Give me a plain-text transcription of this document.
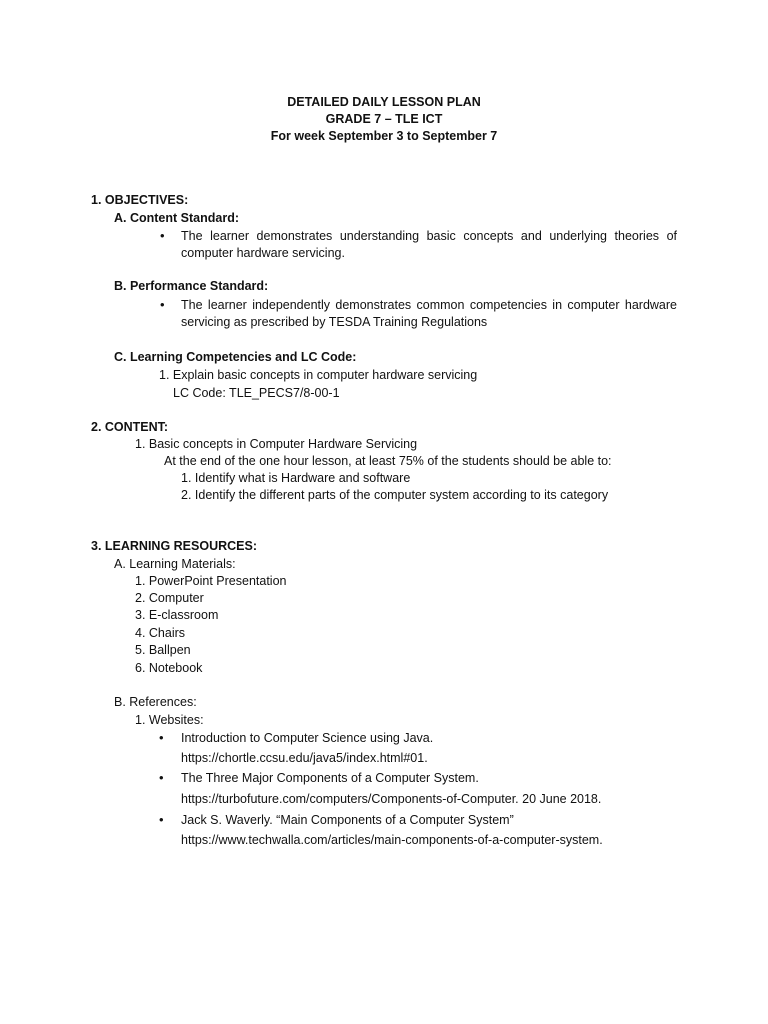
DETAILED DAILY LESSON PLAN
GRADE 7 – TLE ICT
For week September 3 to September 7
1. OBJECTIVES:
A. Content Standard:
• The learner demonstrates understanding basic concepts and underlying theories of
computer hardware servicing.
B. Performance Standard:
• The learner independently demonstrates common competencies in computer hardware
servicing as prescribed by TESDA Training Regulations
C. Learning Competencies and LC Code:
1. Explain basic concepts in computer hardware servicing
LC Code: TLE_PECS7/8-00-1
2. CONTENT:
1. Basic concepts in Computer Hardware Servicing
At the end of the one hour lesson, at least 75% of the students should be able to:
1. Identify what is Hardware and software
2. Identify the different parts of the computer system according to its category
3. LEARNING RESOURCES:
A. Learning Materials:
1. PowerPoint Presentation
2. Computer
3. E-classroom
4. Chairs
5. Ballpen
6. Notebook
B. References:
1. Websites:
• Introduction to Computer Science using Java.
https://chortle.ccsu.edu/java5/index.html#01.
• The Three Major Components of a Computer System.
https://turbofuture.com/computers/Components-of-Computer. 20 June 2018.
• Jack S. Waverly. “Main Components of a Computer System”
https://www.techwalla.com/articles/main-components-of-a-computer-system.
